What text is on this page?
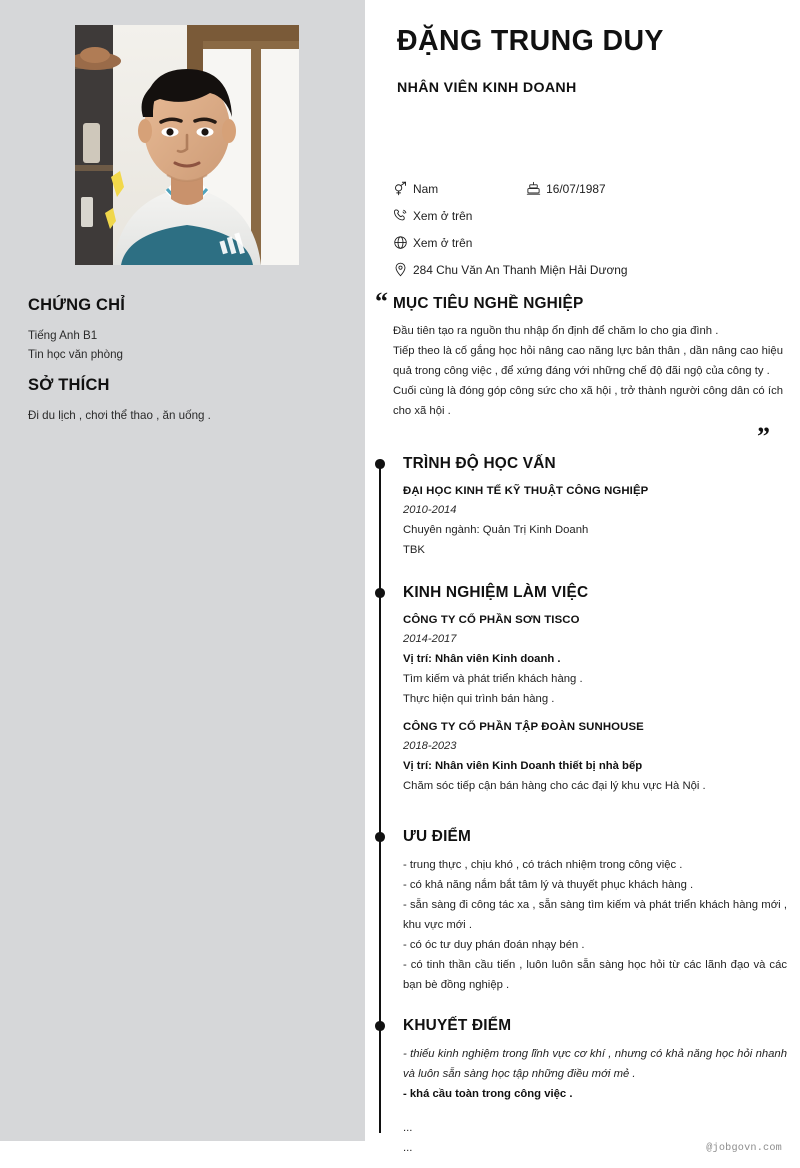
CHỨNG CHỈ

Tiếng Anh B1

Tin học văn phòng

SỞ THÍCH

Đi du lịch , chơi thể thao , ăn uống .

ĐẶNG TRUNG DUY
NHÂN VIÊN KINH DOANH
Nam	16/07/1987
Xem ở trên
Xem ở trên
284 Chu Văn An Thanh Miện Hải Dương
“
”
MỤC TIÊU NGHỀ NGHIỆP

Đầu tiên tạo ra nguồn thu nhập ổn định để chăm lo cho gia đình .

Tiếp theo là cố gắng học hỏi nâng cao năng lực bản thân , dần nâng cao hiệu quả trong công việc , để xứng đáng với những chế độ đãi ngộ của công ty .

Cuối cùng là đóng góp công sức cho xã hội , trở thành người công dân có ích cho xã hội .

TRÌNH ĐỘ HỌC VẤN
ĐẠI HỌC KINH TẾ KỸ THUẬT CÔNG NGHIỆP
2010-2014
Chuyên ngành: Quản Trị Kinh Doanh
TBK
KINH NGHIỆM LÀM VIỆC
CÔNG TY CỔ PHẦN SƠN TISCO
2014-2017
Vị trí: Nhân viên Kinh doanh .
Tìm kiếm và phát triển khách hàng .
Thực hiện qui trình bán hàng .
CÔNG TY CỔ PHẦN TẬP ĐOÀN SUNHOUSE
2018-2023
Vị trí: Nhân viên Kinh Doanh thiết bị nhà bếp
Chăm sóc tiếp cận bán hàng cho các đại lý khu vực Hà Nội .
ƯU ĐIỂM
- trung thực , chịu khó , có trách nhiệm trong công việc .
- có khả năng nắm bắt tâm lý và thuyết phục khách hàng .
- sẵn sàng đi công tác xa , sẵn sàng tìm kiếm và phát triển khách hàng mới , khu vực mới .
- có óc tư duy phán đoán nhạy bén .
- có tinh thần cầu tiến , luôn luôn sẵn sàng học hỏi từ các lãnh đạo và các bạn bè đồng nghiệp .
KHUYẾT ĐIỂM
- thiếu kinh nghiệm trong lĩnh vực cơ khí , nhưng có khả năng học hỏi nhanh và luôn sẵn sàng học tập những điều mới mẻ .
- khá cầu toàn trong công việc .
...
...	@jobgovn.com
